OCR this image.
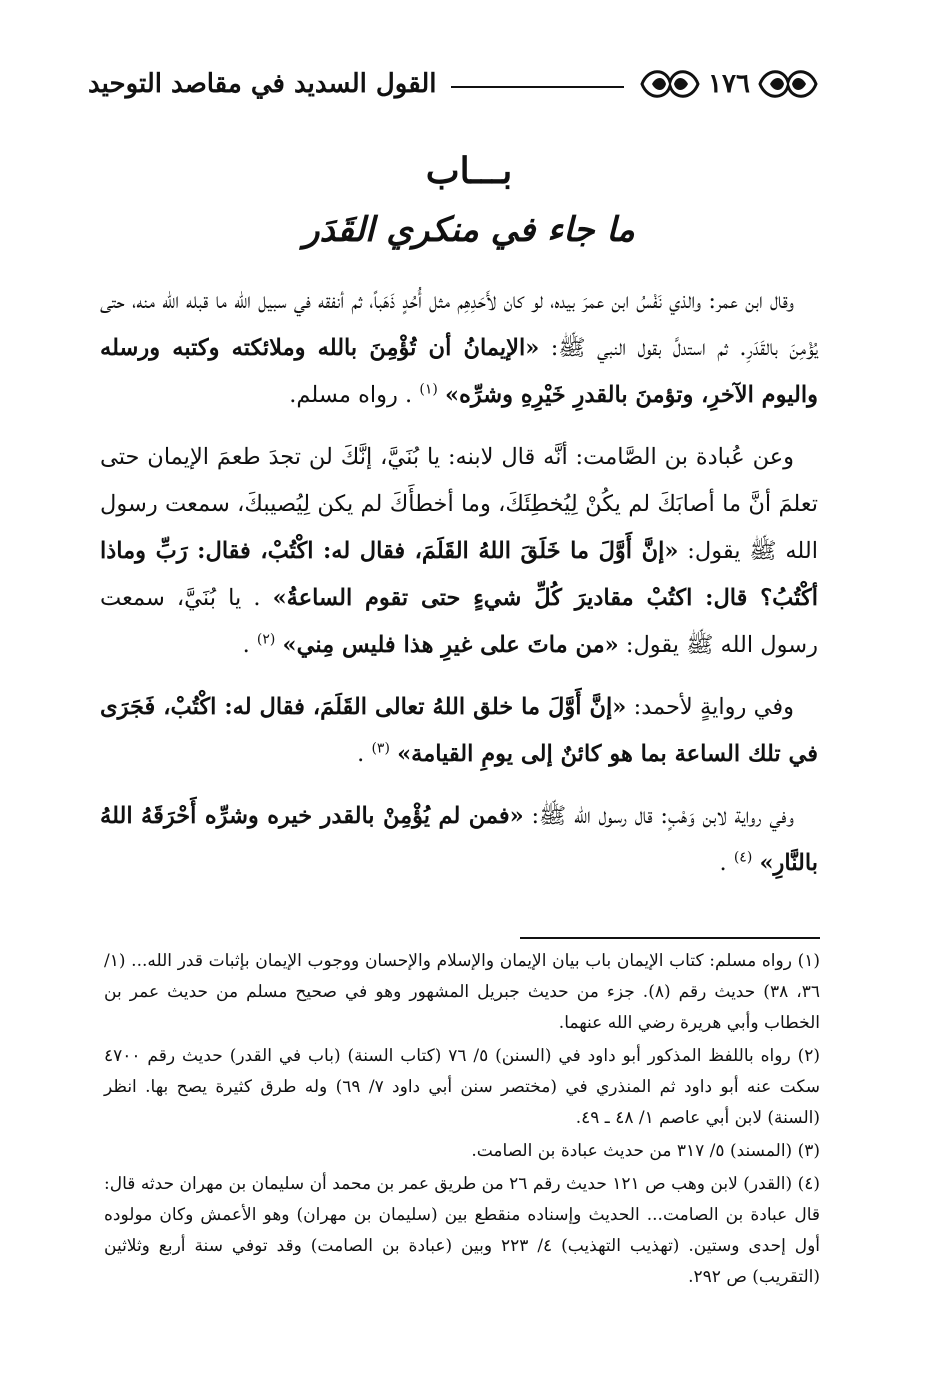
١٧٦
القول السديد في مقاصد التوحيد
بـــاب
ما جاء في منكري القَدَر

وقال ابن عمر: والذي نَفْسُ ابن عمرَ بيده، لو كان لأَحَدِهِم مثل أُحُدٍ ذَهَباً، ثم أنفقه في سبيل الله ما قبله الله منه، حتى يُؤْمِنَ بالقَدَرِ. ثم استدلَّ بقول النبي ﷺ: «الإيمانُ أن تُؤْمِنَ بالله وملائكته وكتبه ورسله واليوم الآخرِ، وتؤمنَ بالقدرِ خَيْرِهِ وشرِّه» $^{(١)}$ . رواه مسلم.

وعن عُبادة بن الصَّامت: أنَّه قال لابنه: يا بُنَيَّ، إنَّكَ لن تجدَ طعمَ الإيمان حتى تعلمَ أنَّ ما أصابَكَ لم يكُنْ لِيُخطِئَكَ، وما أخطأَكَ لم يكن لِيُصيبكَ، سمعت رسول الله ﷺ يقول: «إنَّ أَوَّلَ ما خَلَقَ اللهُ القَلَمَ، فقال له: اكْتُبْ، فقال: رَبِّ وماذا أكْتُبُ؟ قال: اكتُبْ مقاديرَ كُلِّ شيءٍ حتى تقوم الساعةُ» . يا بُنَيَّ، سمعت رسول الله ﷺ يقول: «من ماتَ على غيرِ هذا فليس مِني» $^{(٢)}$ .

وفي روايةٍ لأحمد: «إنَّ أَوَّلَ ما خلق اللهُ تعالى القَلَمَ، فقال له: اكْتُبْ، فَجَرَى في تلك الساعة بما هو كائنٌ إلى يومِ القيامة» $^{(٣)}$ .

وفي رواية لابن وَهْبٍ: قال رسول الله ﷺ: «فمن لم يُؤْمِنْ بالقدر خيره وشرِّه أَحْرَقَهُ اللهُ بالنَّارِ» $^{(٤)}$ .

(١) رواه مسلم: كتاب الإيمان باب بيان الإيمان والإسلام والإحسان ووجوب الإيمان بإثبات قدر الله... (١/ ٣٦، ٣٨) حديث رقم (٨). جزء من حديث جبريل المشهور وهو في صحيح مسلم من حديث عمر بن الخطاب وأبي هريرة رضي الله عنهما.

(٢) رواه باللفظ المذكور أبو داود في (السنن) ٥/ ٧٦ (كتاب السنة) (باب في القدر) حديث رقم ٤٧٠٠ سكت عنه أبو داود ثم المنذري في (مختصر سنن أبي داود ٧/ ٦٩) وله طرق كثيرة يصح بها. انظر (السنة) لابن أبي عاصم ١/ ٤٨ ـ ٤٩.

(٣) (المسند) ٥/ ٣١٧ من حديث عبادة بن الصامت.

(٤) (القدر) لابن وهب ص ١٢١ حديث رقم ٢٦ من طريق عمر بن محمد أن سليمان بن مهران حدثه قال: قال عبادة بن الصامت... الحديث وإسناده منقطع بين (سليمان بن مهران) وهو الأعمش وكان مولوده أول إحدى وستين. (تهذيب التهذيب) ٤/ ٢٢٣ وبين (عبادة بن الصامت) وقد توفي سنة أربع وثلاثين (التقريب) ص ٢٩٢.
